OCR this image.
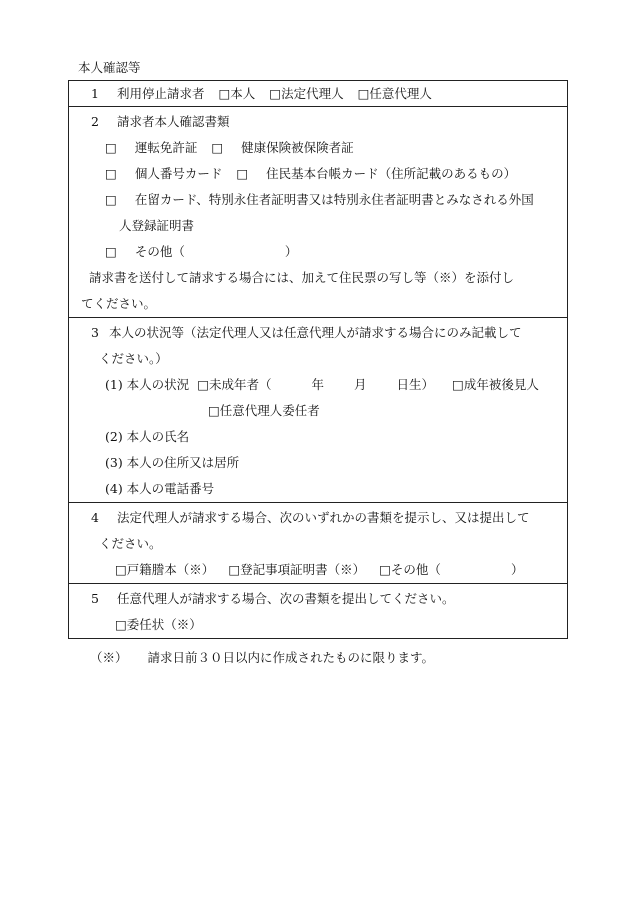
本人確認等
1 利用停止請求者 □本人 □法定代理人 □任意代理人
2 請求者本人確認書類
□ 運転免許証 □ 健康保険被保険者証
□ 個人番号カード □ 住民基本台帳カード（住所記載のあるもの）
□ 在留カード、特別永住者証明書又は特別永住者証明書とみなされる外国
人登録証明書
□ その他（	）
請求書を送付して請求する場合には、加えて住民票の写し等（※）を添付し
てください。
3 本人の状況等（法定代理人又は任意代理人が請求する場合にのみ記載して
ください。）
(1) 本人の状況 □未成年者（	年 月 日生） □成年被後見人
□任意代理人委任者
(2) 本人の氏名
(3) 本人の住所又は居所
(4) 本人の電話番号
4 法定代理人が請求する場合、次のいずれかの書類を提示し、又は提出して
ください。
□戸籍謄本（※） □登記事項証明書（※） □その他（	）
5 任意代理人が請求する場合、次の書類を提出してください。
□委任状（※）
（※） 請求日前３０日以内に作成されたものに限ります。
